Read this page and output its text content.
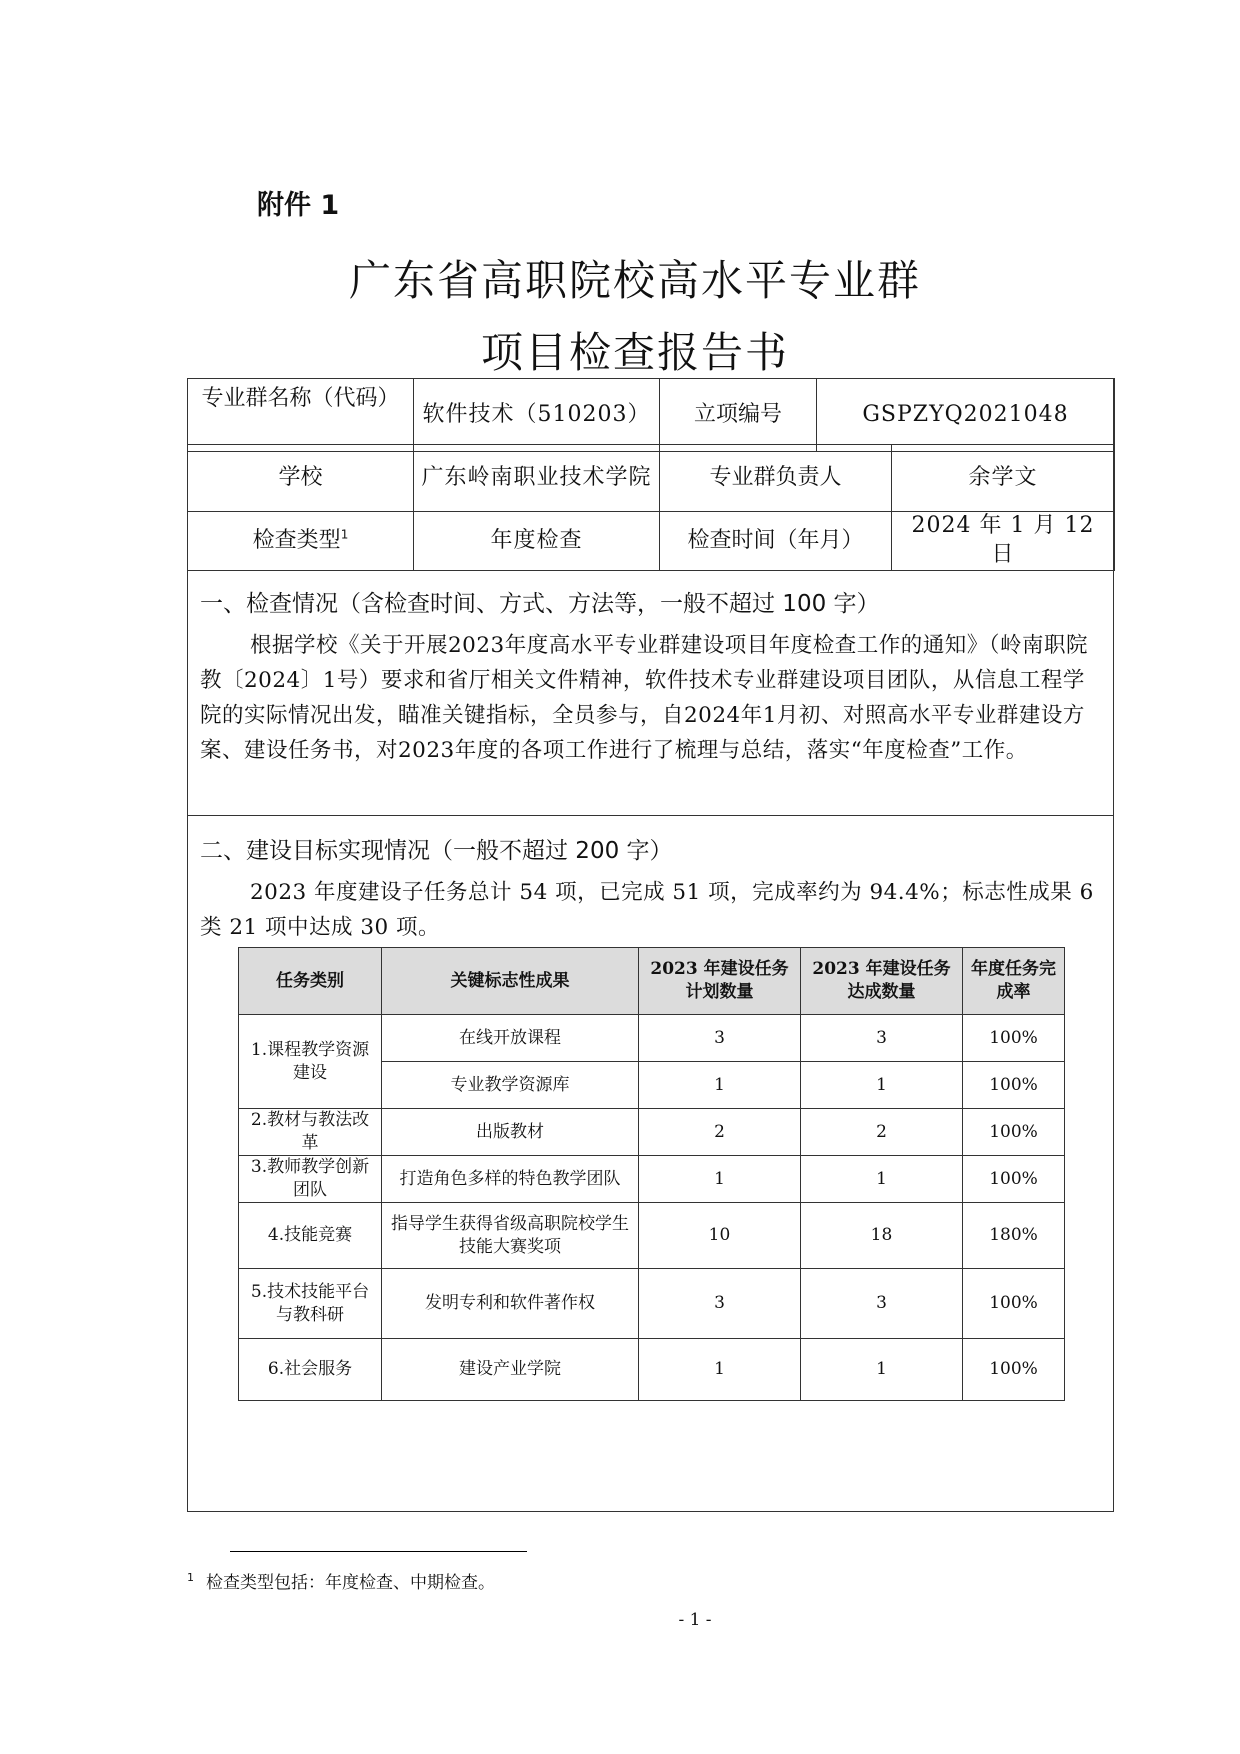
附件 1
广东省高职院校高水平专业群
项目检查报告书
专业群名称（代码）	软件技术（510203）	立项编号	GSPZYQ2021048
学校	广东岭南职业技术学院	专业群负责人	余学文
检查类型$^1$	年度检查	检查时间（年月）	2024 年 1 月 12 日
一、检查情况（含检查时间、方式、方法等，一般不超过 100 字）

根据学校《关于开展2023年度高水平专业群建设项目年度检查工作的通知》（岭南职院教〔2024〕1号）要求和省厅相关文件精神，软件技术专业群建设项目团队，从信息工程学院的实际情况出发，瞄准关键指标，全员参与，自2024年1月初、对照高水平专业群建设方案、建设任务书，对2023年度的各项工作进行了梳理与总结，落实“年度检查”工作。

二、建设目标实现情况（一般不超过 200 字）

2023 年度建设子任务总计 54 项，已完成 51 项，完成率约为 94.4%；标志性成果 6 类 21 项中达成 30 项。

任务类别	关键标志性成果	2023 年建设任务计划数量	2023 年建设任务达成数量	年度任务完成率
1.课程教学资源建设	在线开放课程	3	3	100%
	专业教学资源库	1	1	100%
2.教材与教法改革	出版教材	2	2	100%
3.教师教学创新团队	打造角色多样的特色教学团队	1	1	100%
4.技能竞赛	指导学生获得省级高职院校学生技能大赛奖项	10	18	180%
5.技术技能平台与教科研	发明专利和软件著作权	3	3	100%
6.社会服务	建设产业学院	1	1	100%
$^1$ 检查类型包括：年度检查、中期检查。
- 1 -
